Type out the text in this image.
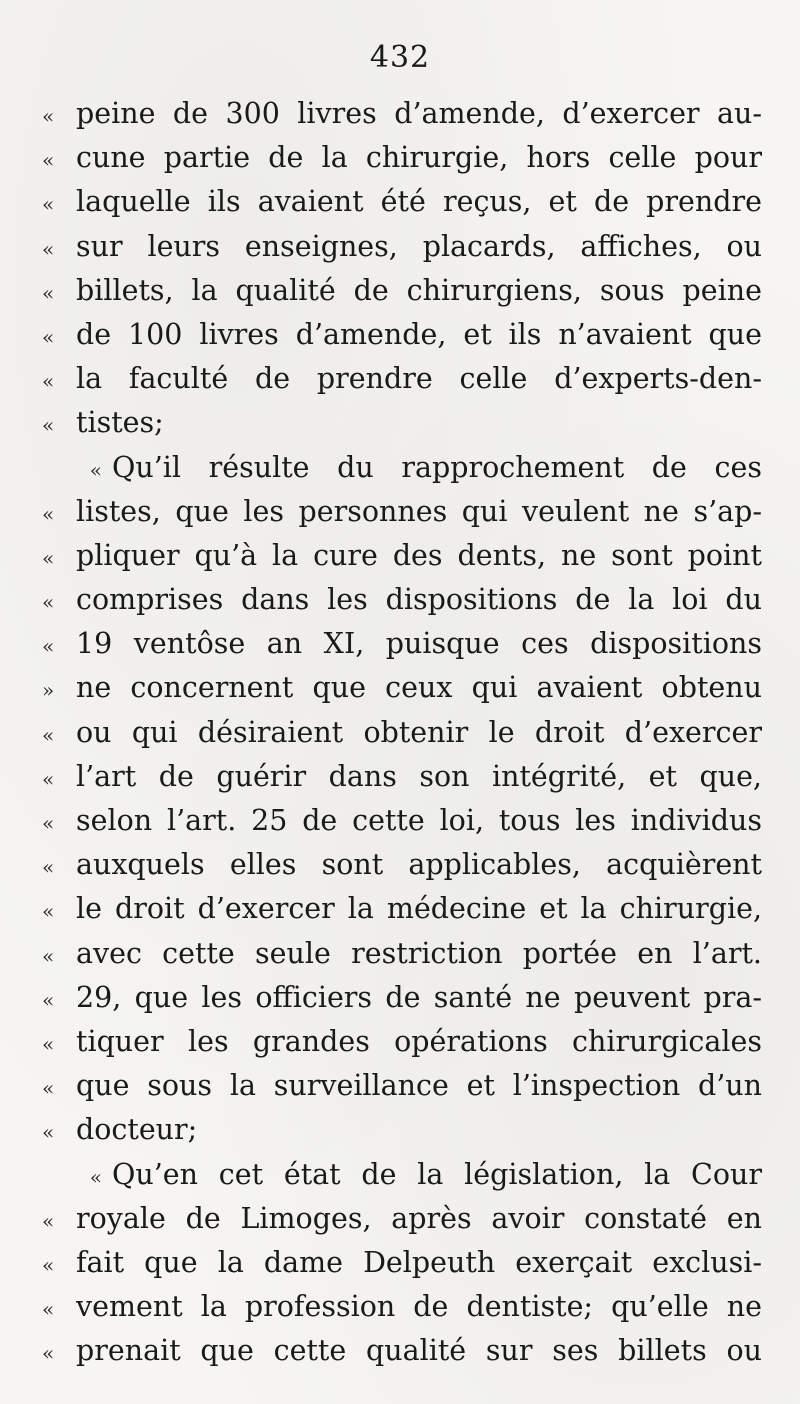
432
« peine de 300 livres d’amende, d’exercer au-
« cune partie de la chirurgie, hors celle pour
« laquelle ils avaient été reçus, et de prendre
« sur leurs enseignes, placards, affiches, ou
« billets, la qualité de chirurgiens, sous peine
« de 100 livres d’amende, et ils n’avaient que
« la faculté de prendre celle d’experts-den-
« tistes;
« Qu’il résulte du rapprochement de ces
« listes, que les personnes qui veulent ne s’ap-
« pliquer qu’à la cure des dents, ne sont point
« comprises dans les dispositions de la loi du
« 19 ventôse an XI, puisque ces dispositions
» ne concernent que ceux qui avaient obtenu
« ou qui désiraient obtenir le droit d’exercer
« l’art de guérir dans son intégrité, et que,
« selon l’art. 25 de cette loi, tous les individus
« auxquels elles sont applicables, acquièrent
« le droit d’exercer la médecine et la chirurgie,
« avec cette seule restriction portée en l’art.
« 29, que les officiers de santé ne peuvent pra-
« tiquer les grandes opérations chirurgicales
« que sous la surveillance et l’inspection d’un
« docteur;
« Qu’en cet état de la législation, la Cour
« royale de Limoges, après avoir constaté en
« fait que la dame Delpeuth exerçait exclusi-
« vement la profession de dentiste; qu’elle ne
« prenait que cette qualité sur ses billets ou
